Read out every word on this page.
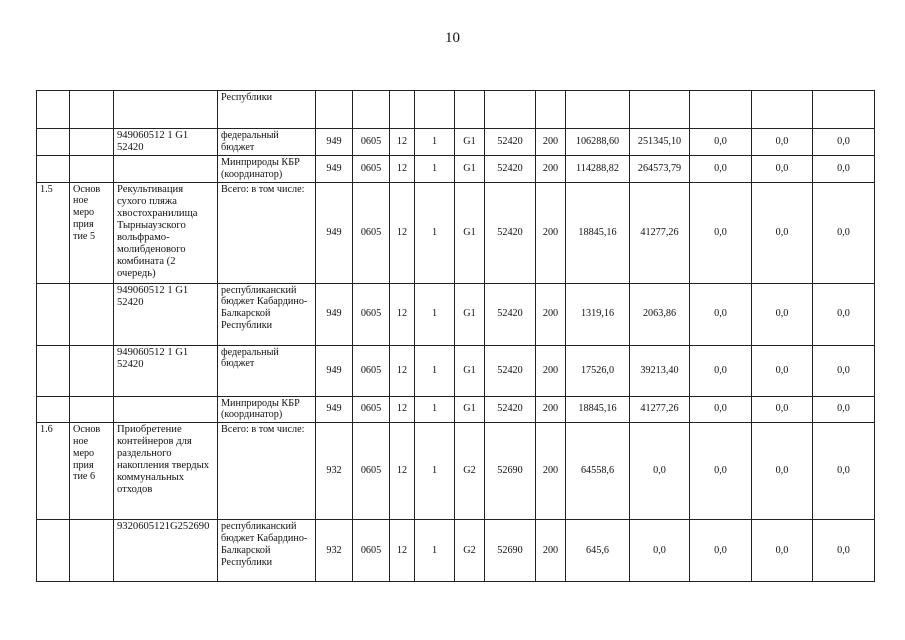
10
			Республики												
		949060512 1 G1 52420	федеральный бюджет	949	0605	12	1	G1	52420	200	106288,60	251345,10	0,0	0,0	0,0
			Минприроды КБР (координатор)	949	0605	12	1	G1	52420	200	114288,82	264573,79	0,0	0,0	0,0
1.5	Основ ное меро прия тие 5	Рекультивация сухого пляжа хвостохранилища Тырныаузского вольфрамо-молибденового комбината (2 очередь)	Всего: в том числе:	949	0605	12	1	G1	52420	200	18845,16	41277,26	0,0	0,0	0,0
		949060512 1 G1 52420	республиканский бюджет Кабардино-Балкарской Республики	949	0605	12	1	G1	52420	200	1319,16	2063,86	0,0	0,0	0,0
		949060512 1 G1 52420	федеральный бюджет	949	0605	12	1	G1	52420	200	17526,0	39213,40	0,0	0,0	0,0
			Минприроды КБР (координатор)	949	0605	12	1	G1	52420	200	18845,16	41277,26	0,0	0,0	0,0
1.6	Основ ное меро прия тие 6	Приобретение контейнеров для раздельного накопления твердых коммунальных отходов	Всего: в том числе:	932	0605	12	1	G2	52690	200	64558,6	0,0	0,0	0,0	0,0
		9320605121G252690	республиканский бюджет Кабардино-Балкарской Республики	932	0605	12	1	G2	52690	200	645,6	0,0	0,0	0,0	0,0
